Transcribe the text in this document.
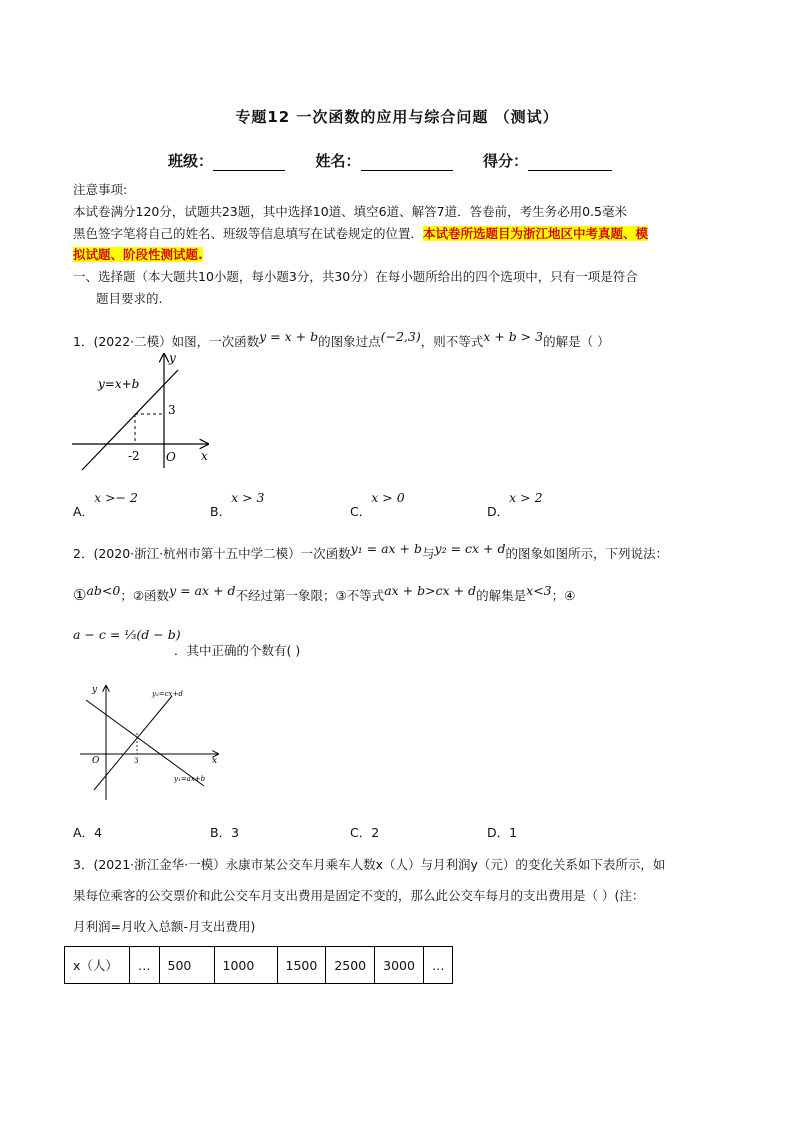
专题12 一次函数的应用与综合问题 （测试）
班级：	姓名：	得分：
注意事项:
本试卷满分120分，试题共23题，其中选择10道、填空6道、解答7道．答卷前，考生务必用0.5毫米
黑色签字笔将自己的姓名、班级等信息填写在试卷规定的位置．本试卷所选题目为浙江地区中考真题、模
拟试题、阶段性测试题.
一、选择题（本大题共10小题，每小题3分，共30分）在每小题所给出的四个选项中，只有一项是符合
题目要求的.
1．(2022·二模）如图，一次函数$^{y = x + b}$的图象过点$^{(-2,3)}$，则不等式$^{x + b > 3}$的解是（ ）
y=x+b
3
-2 O x
y
A．x >− 2
B．x > 3
C．x > 0
D．x > 2
2．(2020·浙江·杭州市第十五中学二模）一次函数$^{y_1 = ax + b}$与$^{y_2 = cx + d}$的图象如图所示，下列说法：
①$^{ab<0}$；②函数$^{y = ax + d}$不经过第一象限；③不等式$^{ax + b>cx + d}$的解集是$^{x<3}$；④
a − c = ⅓(d − b)
．其中正确的个数有( )
y₂=cx+d
y₁=ax+b
3
O	x
y
A．4	B．3	C．2	D．1
3．(2021·浙江金华·一模）永康市某公交车月乘车人数x（人）与月利润y（元）的变化关系如下表所示，如
果每位乘客的公交票价和此公交车月支出费用是固定不变的，那么此公交车每月的支出费用是（ ）(注：
月利润=月收入总额-月支出费用)
x（人）	…	500	1000	1500	2500	3000	…
